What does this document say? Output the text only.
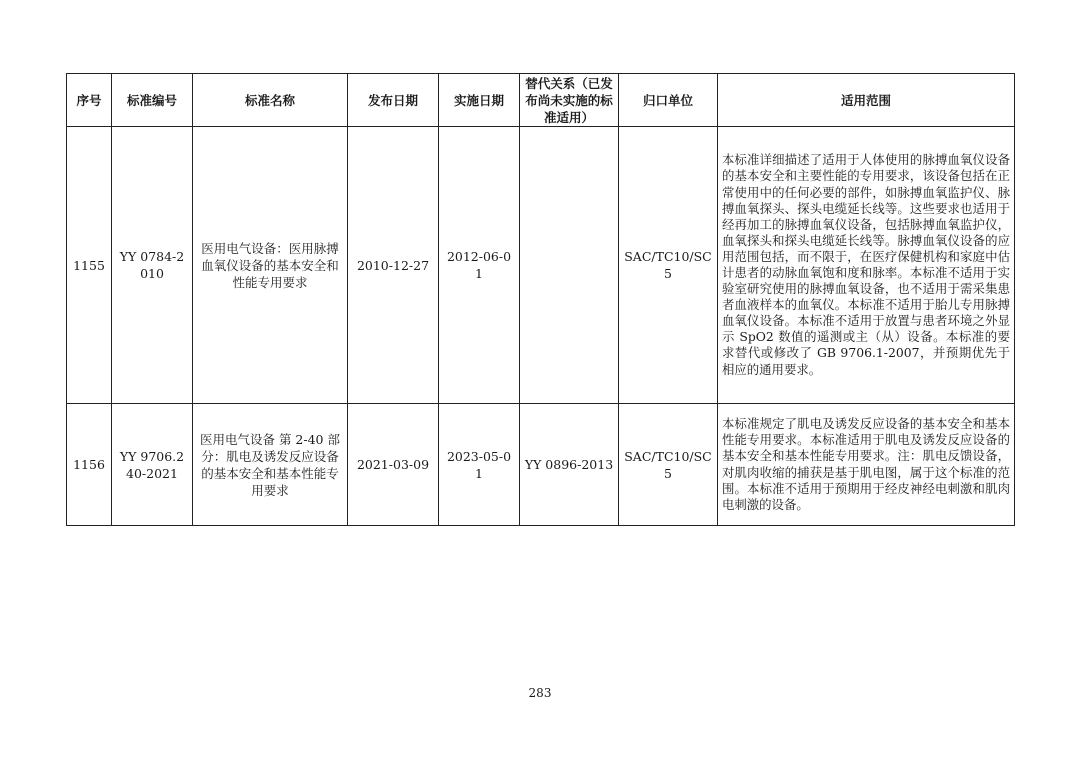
序号	标准编号	标准名称	发布日期	实施日期	替代关系（已发布尚未实施的标准适用）	归口单位	适用范围
1155	YY 0784-2010	医用电气设备：医用脉搏血氧仪设备的基本安全和性能专用要求	2010-12-27	2012-06-01		SAC/TC10/SC5	本标准详细描述了适用于人体使用的脉搏血氧仪设备的基本安全和主要性能的专用要求，该设备包括在正常使用中的任何必要的部件，如脉搏血氧监护仪、脉搏血氧探头、探头电缆延长线等。这些要求也适用于经再加工的脉搏血氧仪设备，包括脉搏血氧监护仪，血氧探头和探头电缆延长线等。脉搏血氧仪设备的应用范围包括，而不限于，在医疗保健机构和家庭中估计患者的动脉血氧饱和度和脉率。本标准不适用于实验室研究使用的脉搏血氧设备，也不适用于需采集患者血液样本的血氧仪。本标准不适用于胎儿专用脉搏血氧仪设备。本标准不适用于放置与患者环境之外显示 SpO2 数值的遥测或主（从）设备。本标准的要求替代或修改了 GB 9706.1-2007，并预期优先于相应的通用要求。
1156	YY 9706.240-2021	医用电气设备 第 2-40 部分：肌电及诱发反应设备的基本安全和基本性能专用要求	2021-03-09	2023-05-01	YY 0896-2013	SAC/TC10/SC5	本标准规定了肌电及诱发反应设备的基本安全和基本性能专用要求。本标准适用于肌电及诱发反应设备的基本安全和基本性能专用要求。注：肌电反馈设备，对肌肉收缩的捕获是基于肌电图，属于这个标准的范围。本标准不适用于预期用于经皮神经电刺激和肌肉电刺激的设备。
283
